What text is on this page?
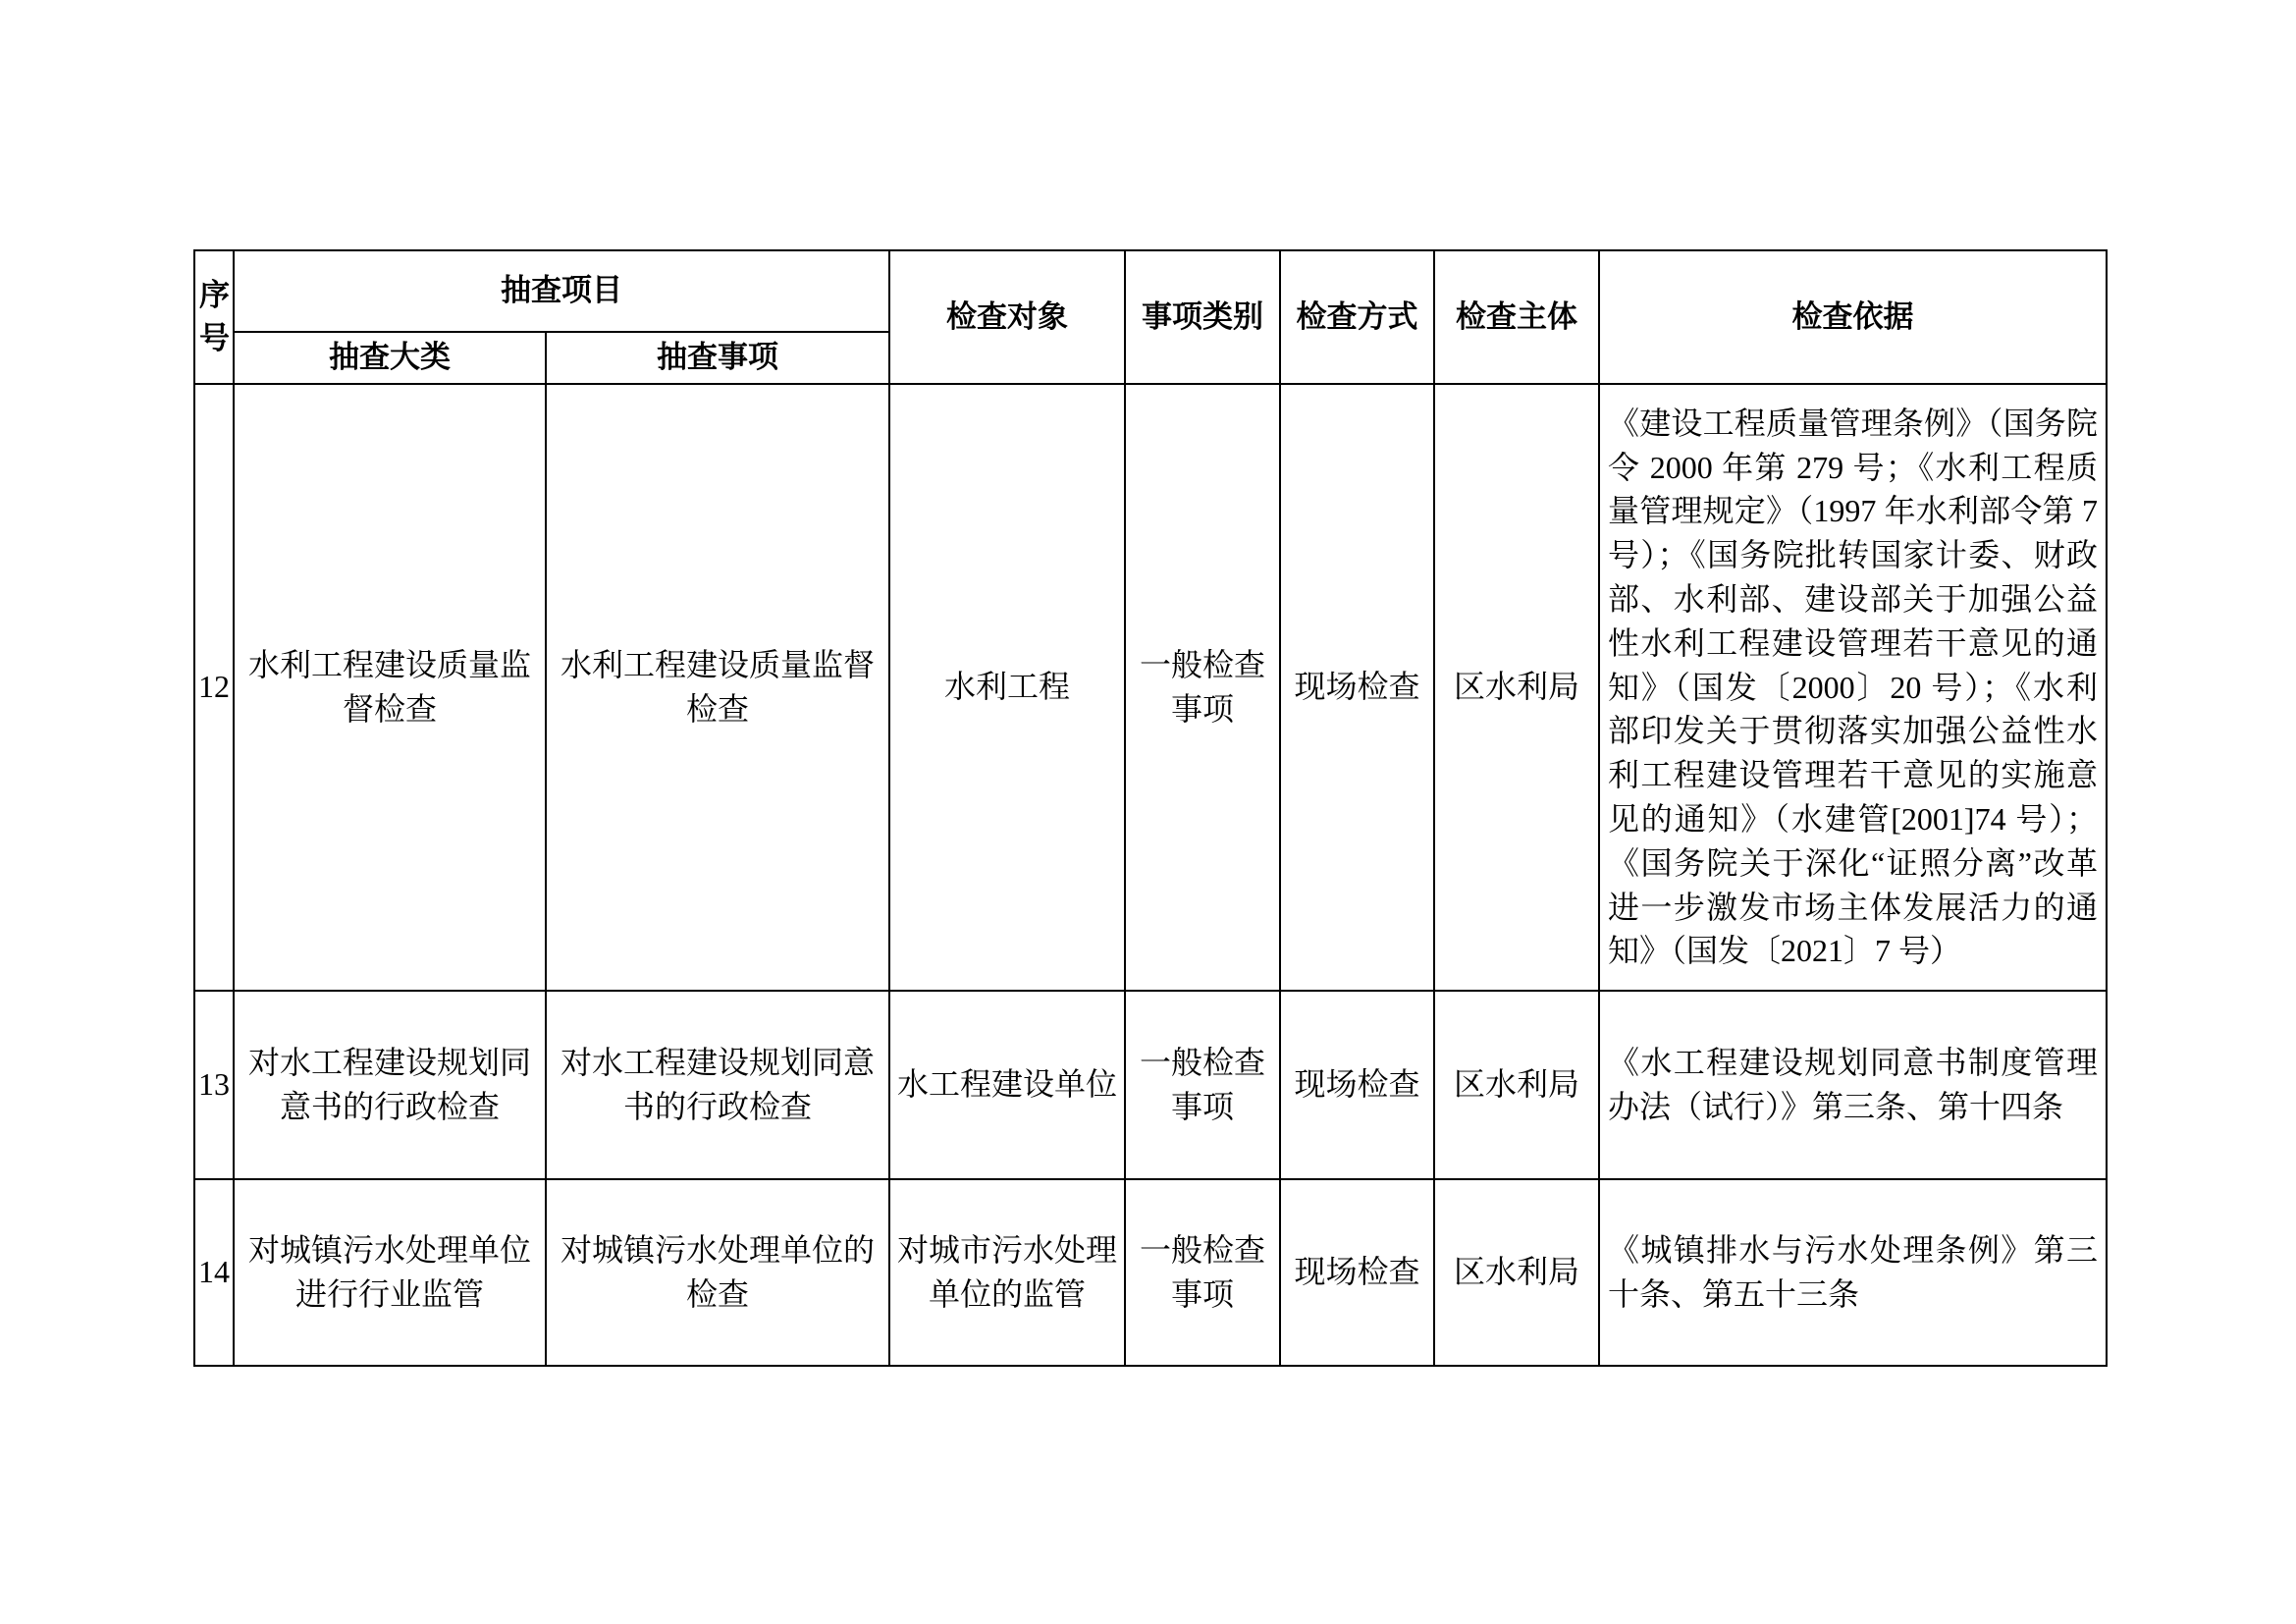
序号	抽查项目		检查对象	事项类别	检查方式	检查主体	检查依据
	抽查大类	抽查事项					
12	水利工程建设质量监督检查	水利工程建设质量监督检查	水利工程	一般检查事项	现场检查	区水利局	《建设工程质量管理条例》（国务院令 2000 年第 279 号；《水利工程质量管理规定》（1997 年水利部令第 7 号）；《国务院批转国家计委、财政部、水利部、建设部关于加强公益性水利工程建设管理若干意见的通知》（国发〔2000〕20 号）；《水利部印发关于贯彻落实加强公益性水利工程建设管理若干意见的实施意见的通知》（水建管[2001]74 号）；《国务院关于深化“证照分离”改革进一步激发市场主体发展活力的通知》（国发〔2021〕7 号）
13	对水工程建设规划同意书的行政检查	对水工程建设规划同意书的行政检查	水工程建设单位	一般检查事项	现场检查	区水利局	《水工程建设规划同意书制度管理办法（试行）》第三条、第十四条
14	对城镇污水处理单位进行行业监管	对城镇污水处理单位的检查	对城市污水处理单位的监管	一般检查事项	现场检查	区水利局	《城镇排水与污水处理条例》第三十条、第五十三条
